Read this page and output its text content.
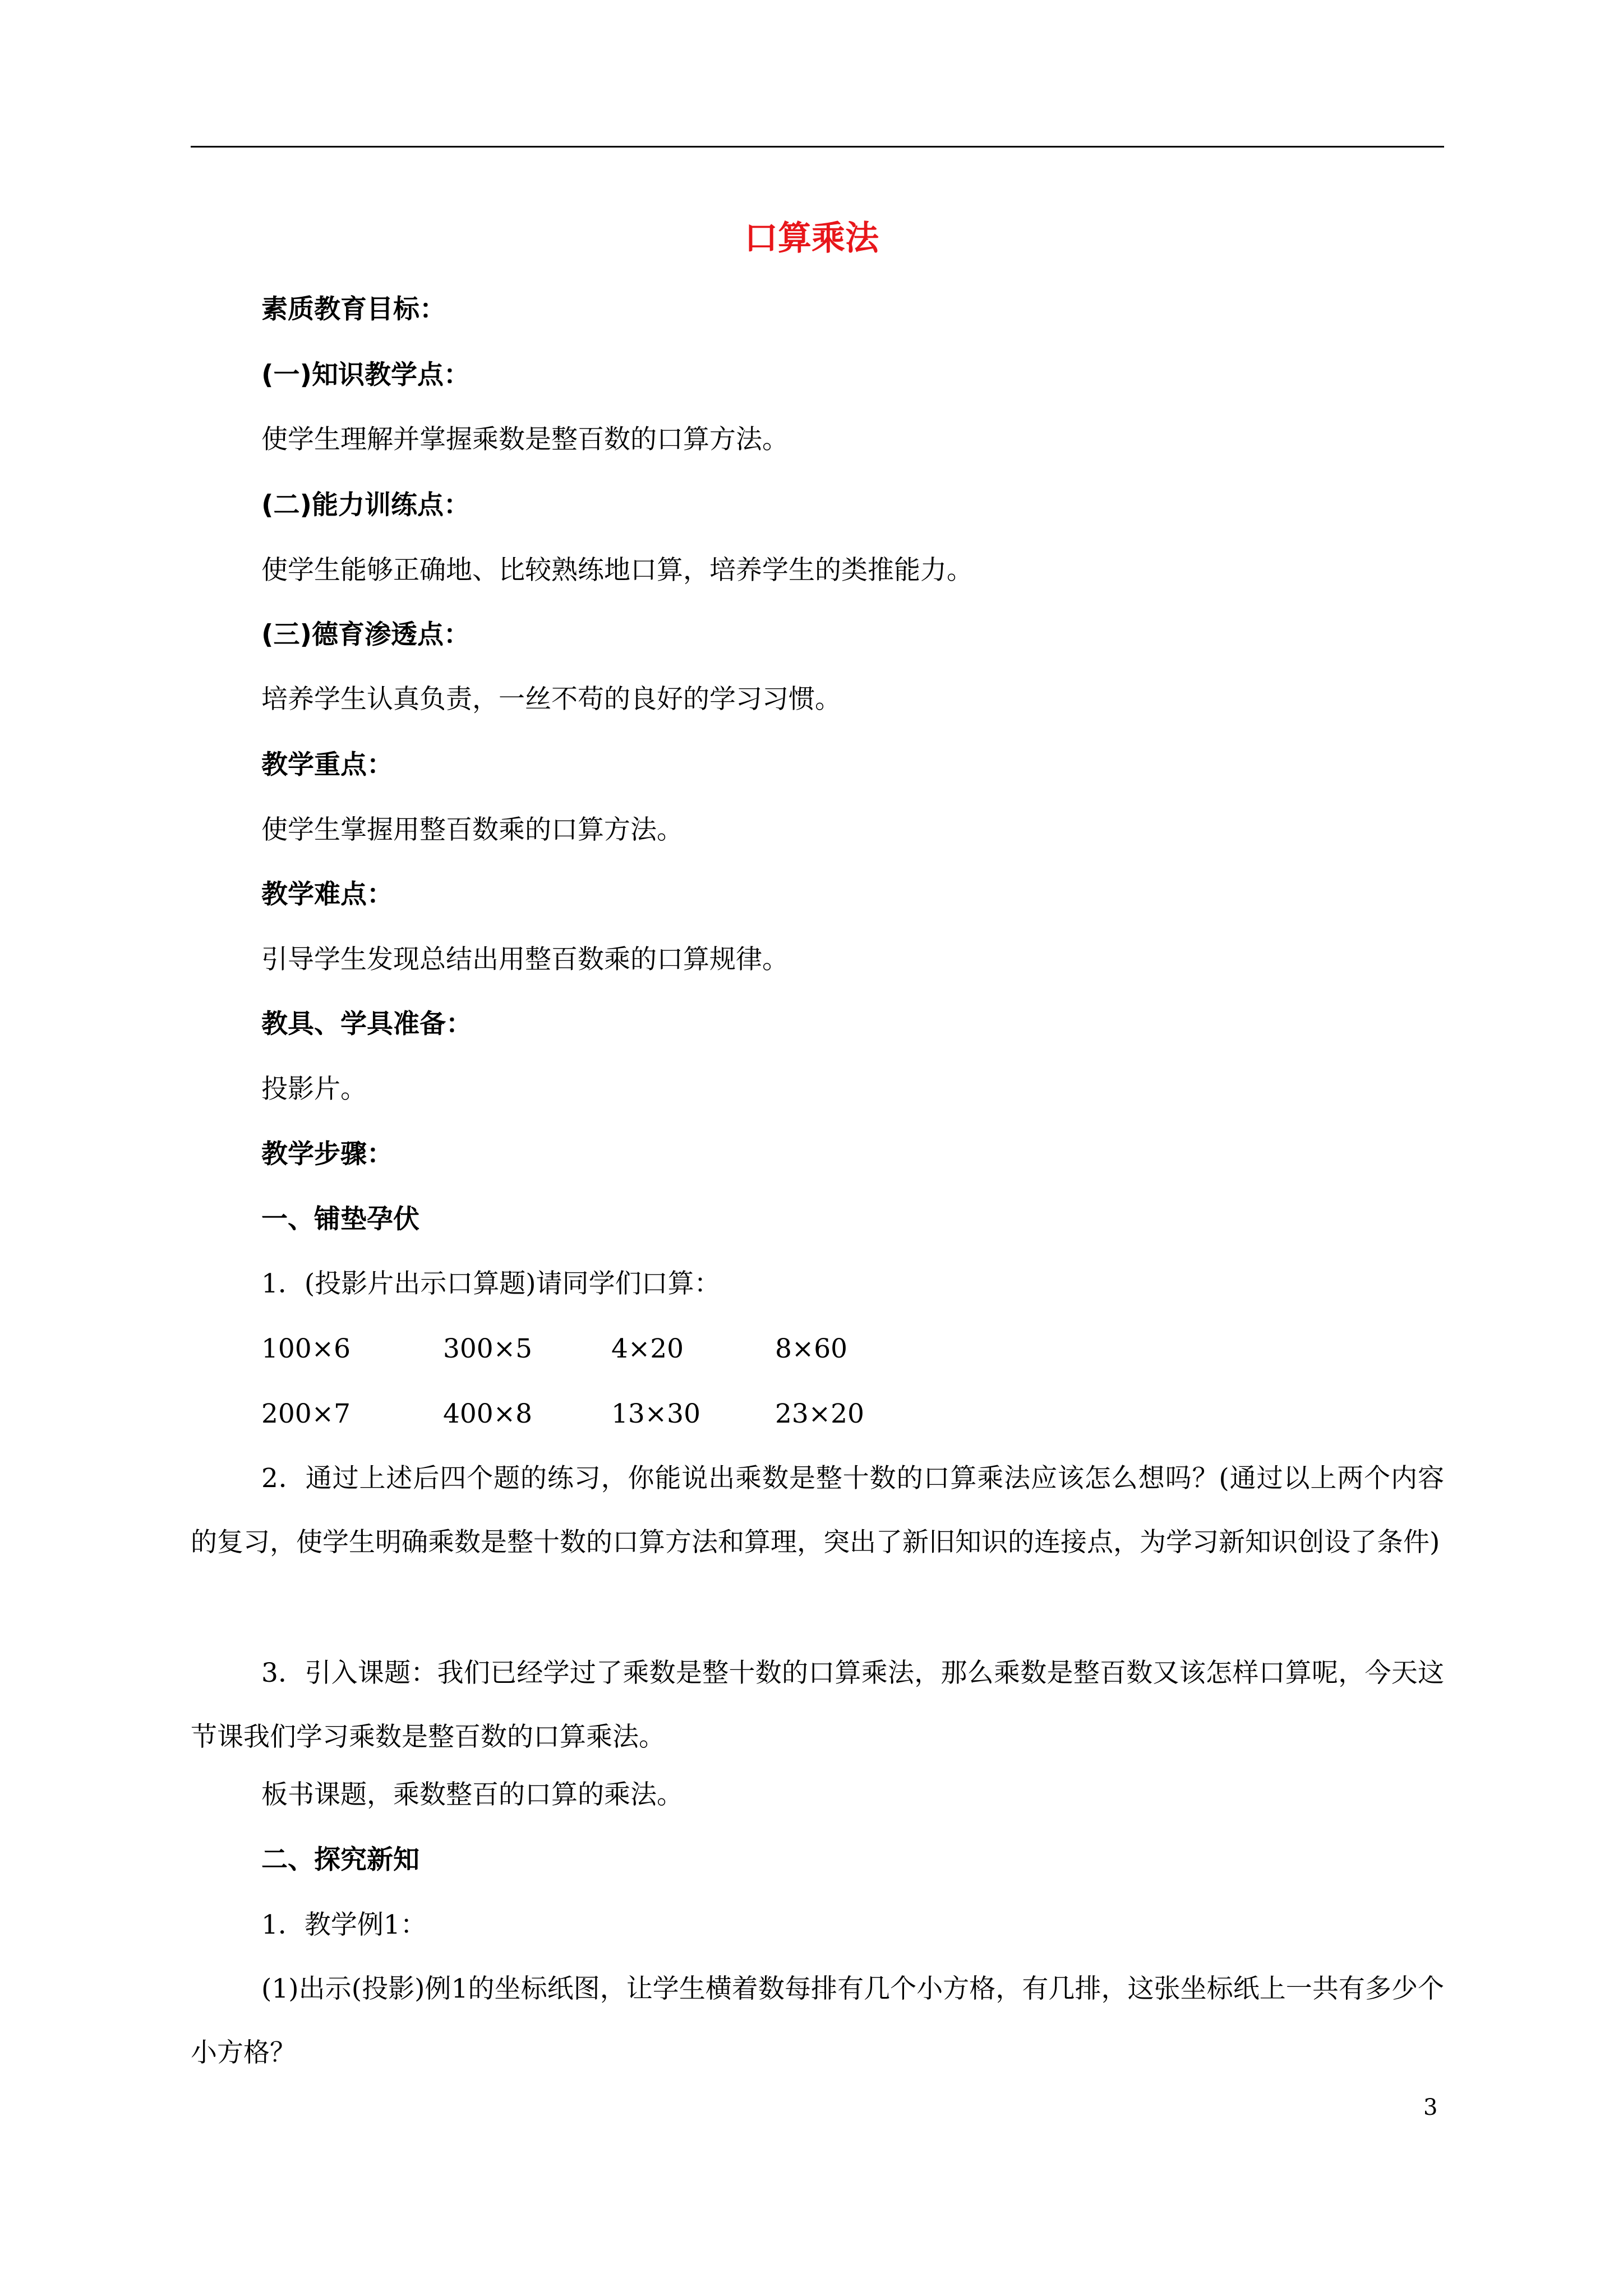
口算乘法
素质教育目标：
(一)知识教学点：
使学生理解并掌握乘数是整百数的口算方法。
(二)能力训练点：
使学生能够正确地、比较熟练地口算，培养学生的类推能力。
(三)德育渗透点：
培养学生认真负责，一丝不苟的良好的学习习惯。
教学重点：
使学生掌握用整百数乘的口算方法。
教学难点：
引导学生发现总结出用整百数乘的口算规律。
教具、学具准备：
投影片。
教学步骤：
一、铺垫孕伏
1．(投影片出示口算题)请同学们口算：
100×6	300×5	4×20	8×60
200×7	400×8	13×30	23×20
2．通过上述后四个题的练习，你能说出乘数是整十数的口算乘法应该怎么想吗？(通过以上两个内容的复习，使学生明确乘数是整十数的口算方法和算理，突出了新旧知识的连接点，为学习新知识创设了条件)
3．引入课题：我们已经学过了乘数是整十数的口算乘法，那么乘数是整百数又该怎样口算呢，今天这节课我们学习乘数是整百数的口算乘法。
板书课题，乘数整百的口算的乘法。
二、探究新知
1．教学例1：
(1)出示(投影)例1的坐标纸图，让学生横着数每排有几个小方格，有几排，这张坐标纸上一共有多少个小方格？
3
